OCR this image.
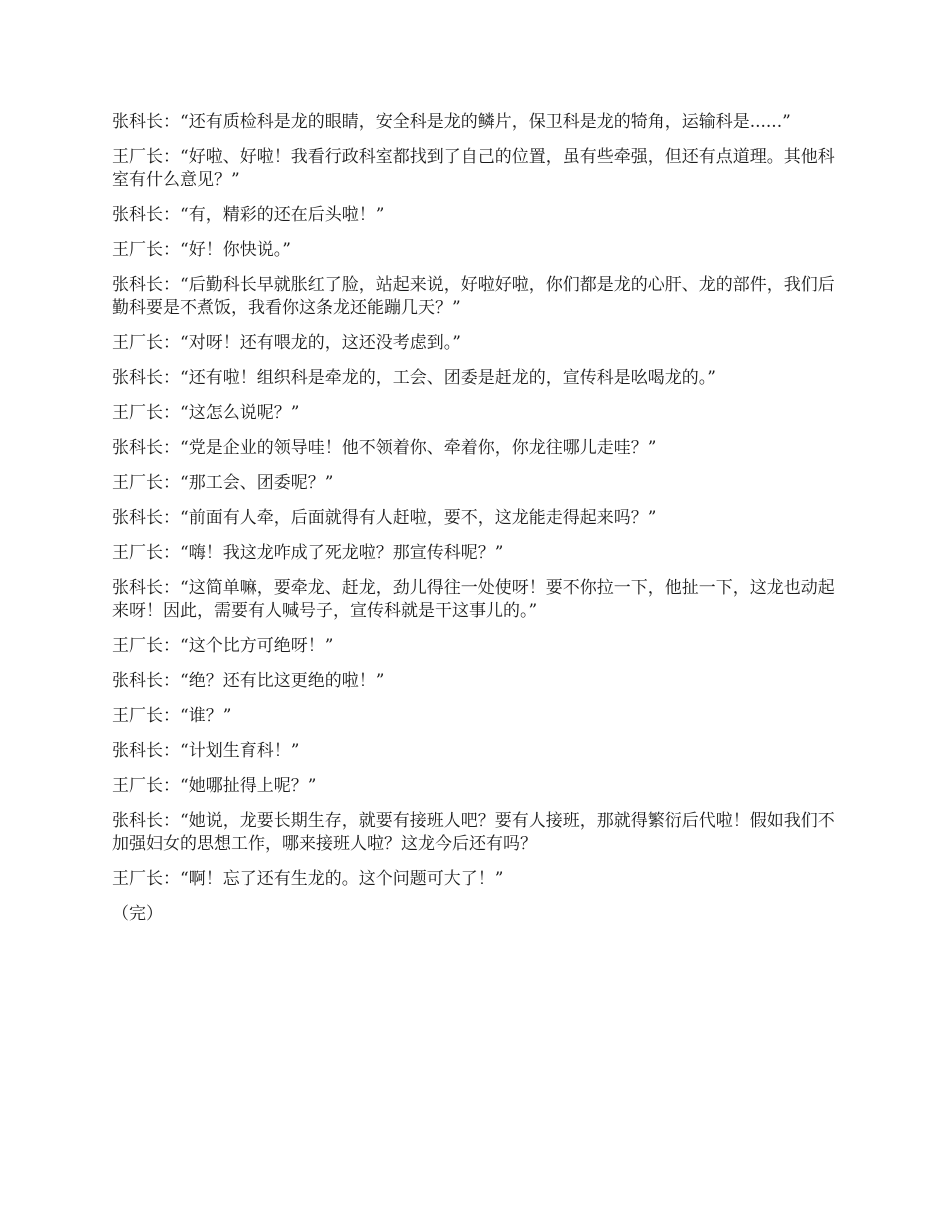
张科长：“还有质检科是龙的眼睛，安全科是龙的鳞片，保卫科是龙的犄角，运输科是......”

王厂长：“好啦、好啦！我看行政科室都找到了自己的位置，虽有些牵强，但还有点道理。其他科室有什么意见？”

张科长：“有，精彩的还在后头啦！”

王厂长：“好！你快说。”

张科长：“后勤科长早就胀红了脸，站起来说，好啦好啦，你们都是龙的心肝、龙的部件，我们后勤科要是不煮饭，我看你这条龙还能蹦几天？”

王厂长：“对呀！还有喂龙的，这还没考虑到。”

张科长：“还有啦！组织科是牵龙的，工会、团委是赶龙的，宣传科是吆喝龙的。”

王厂长：“这怎么说呢？”

张科长：“党是企业的领导哇！他不领着你、牵着你，你龙往哪儿走哇？”

王厂长：“那工会、团委呢？”

张科长：“前面有人牵，后面就得有人赶啦，要不，这龙能走得起来吗？”

王厂长：“嗨！我这龙咋成了死龙啦？那宣传科呢？”

张科长：“这简单嘛，要牵龙、赶龙，劲儿得往一处使呀！要不你拉一下，他扯一下，这龙也动起来呀！因此，需要有人喊号子，宣传科就是干这事儿的。”

王厂长：“这个比方可绝呀！”

张科长：“绝？还有比这更绝的啦！”

王厂长：“谁？”

张科长：“计划生育科！”

王厂长：“她哪扯得上呢？”

张科长：“她说，龙要长期生存，就要有接班人吧？要有人接班，那就得繁衍后代啦！假如我们不加强妇女的思想工作，哪来接班人啦？这龙今后还有吗？

王厂长：“啊！忘了还有生龙的。这个问题可大了！”

（完）
